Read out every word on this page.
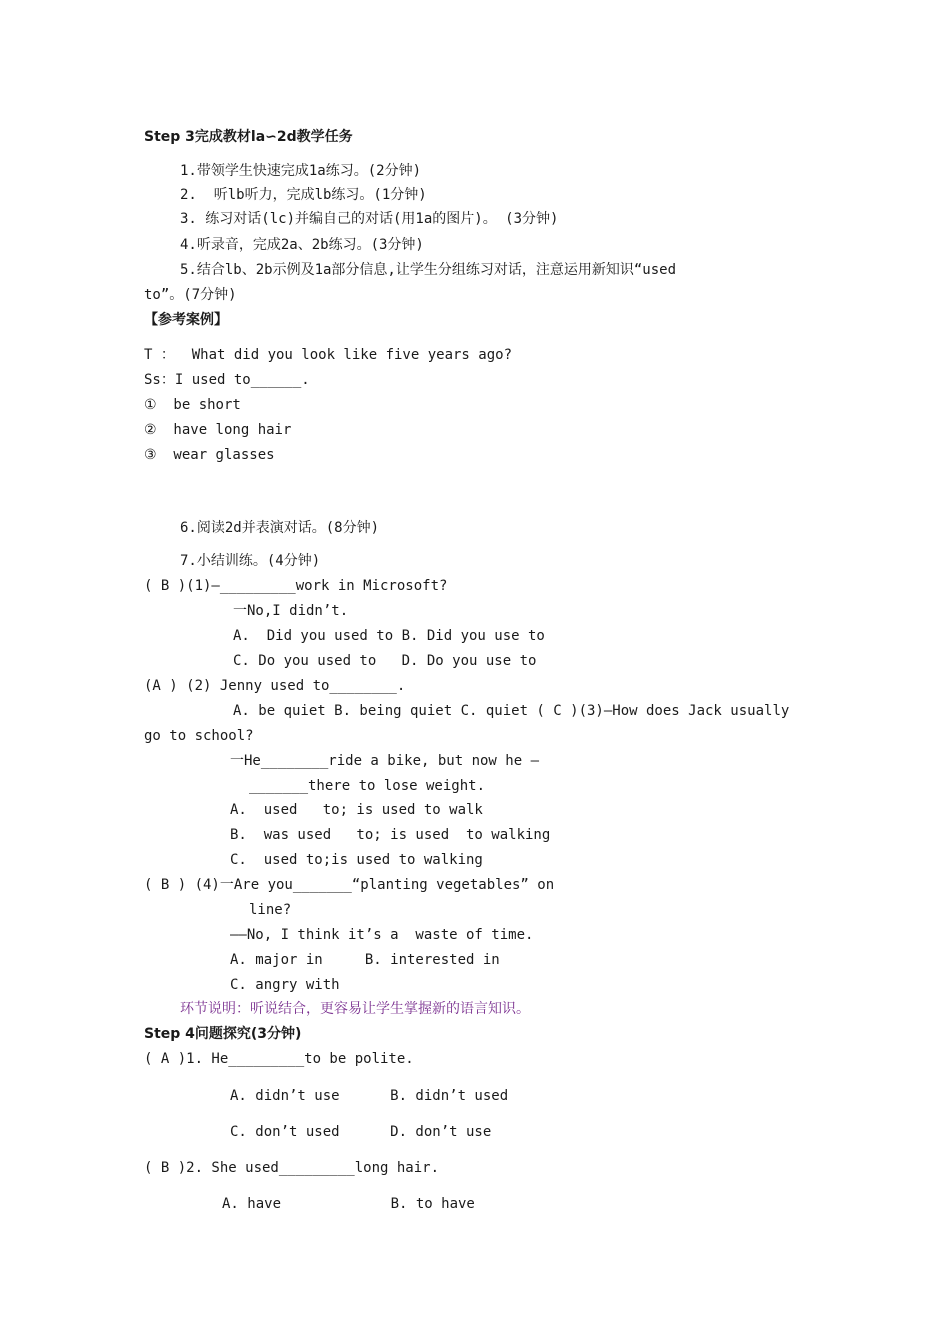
Step 3完成教材la∽2d教学任务
1.带领学生快速完成1a练习。(2分钟)
2.  听lb听力，完成lb练习。(1分钟)
3. 练习对话(lc)并编自己的对话(用1a的图片)。 (3分钟)
4.听录音，完成2a、2b练习。(3分钟)
5.结合lb、2b示例及1a部分信息,让学生分组练习对话，注意运用新知识“used
to”。(7分钟)
【参考案例】
T ：  What did you look like five years ago?
Ss：I used to______.
①  be short
②  have long hair
③  wear glasses
6.阅读2d并表演对话。(8分钟)
7.小结训练。(4分钟)
( B )(1)—_________work in Microsoft?
一No,I didn’t.
A.  Did you used to B. Did you use to
C. Do you used to   D. Do you use to
(A ) (2) Jenny used to________.
A. be quiet B. being quiet C. quiet ( C )(3)—How does Jack usually
go to school?
一He________ride a bike, but now he —
_______there to lose weight.
A.  used   to; is used to walk
B.  was used   to; is used  to walking
C.  used to;is used to walking
( B ) (4)一Are you_______“planting vegetables” on
line?
——No, I think it’s a  waste of time.
A. major in     B. interested in
C. angry with
环节说明：听说结合，更容易让学生掌握新的语言知识。
Step 4问题探究(3分钟)
( A )1. He_________to be polite.
A. didn’t use      B. didn’t used
C. don’t used      D. don’t use
( B )2. She used_________long hair.
A. have             B. to have
